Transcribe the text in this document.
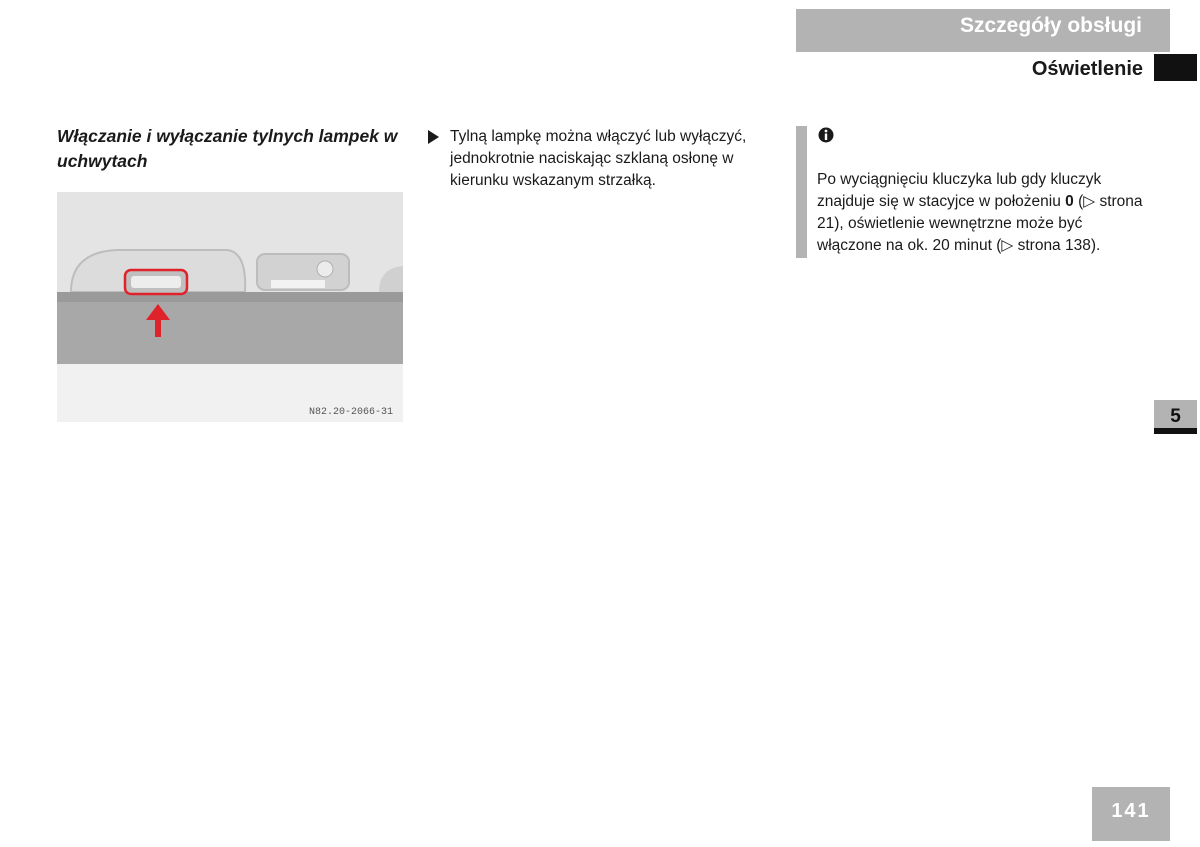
Szczegóły obsługi
Oświetlenie
Włączanie i wyłączanie tylnych lampek w uchwytach
N82.20-2066-31
Tylną lampkę można włączyć lub wyłączyć, jednokrotnie naciskając szklaną osłonę w kierunku wskazanym strzałką.	Po wyciągnięciu kluczyka lub gdy kluczyk znajduje się w stacyjce w położeniu 0 (▷ strona 21), oświetlenie wewnętrzne może być włączone na ok. 20 minut (▷ strona 138).
5
141
